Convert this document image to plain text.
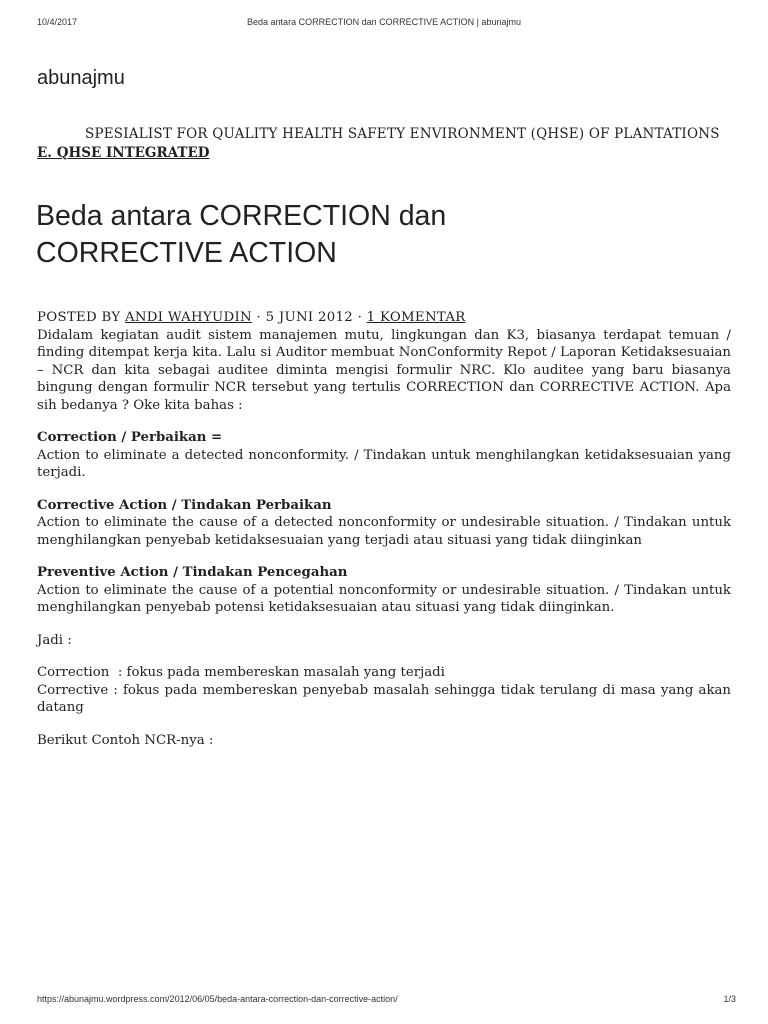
10/4/2017	Beda antara CORRECTION dan CORRECTIVE ACTION | abunajmu
abunajmu
SPESIALIST FOR QUALITY HEALTH SAFETY ENVIRONMENT (QHSE) OF PLANTATIONS
E. QHSE INTEGRATED
Beda antara CORRECTION dan CORRECTIVE ACTION
POSTED BY ANDI WAHYUDIN · 5 JUNI 2012 · 1 KOMENTAR

Didalam kegiatan audit sistem manajemen mutu, lingkungan dan K3, biasanya terdapat temuan / finding ditempat kerja kita. Lalu si Auditor membuat NonConformity Repot / Laporan Ketidaksesuaian – NCR dan kita sebagai auditee diminta mengisi formulir NRC. Klo auditee yang baru biasanya bingung dengan formulir NCR tersebut yang tertulis CORRECTION dan CORRECTIVE ACTION. Apa sih bedanya ? Oke kita bahas :

Correction / Perbaikan =

Action to eliminate a detected nonconformity. / Tindakan untuk menghilangkan ketidaksesuaian yang terjadi.

Corrective Action / Tindakan Perbaikan

Action to eliminate the cause of a detected nonconformity or undesirable situation. / Tindakan untuk menghilangkan penyebab ketidaksesuaian yang terjadi atau situasi yang tidak diinginkan

Preventive Action / Tindakan Pencegahan

Action to eliminate the cause of a potential nonconformity or undesirable situation. / Tindakan untuk menghilangkan penyebab potensi ketidaksesuaian atau situasi yang tidak diinginkan.

Jadi :

Correction  : fokus pada membereskan masalah yang terjadi

Corrective : fokus pada membereskan penyebab masalah sehingga tidak terulang di masa yang akan datang

Berikut Contoh NCR-nya :

https://abunajmu.wordpress.com/2012/06/05/beda-antara-correction-dan-corrective-action/	1/3
